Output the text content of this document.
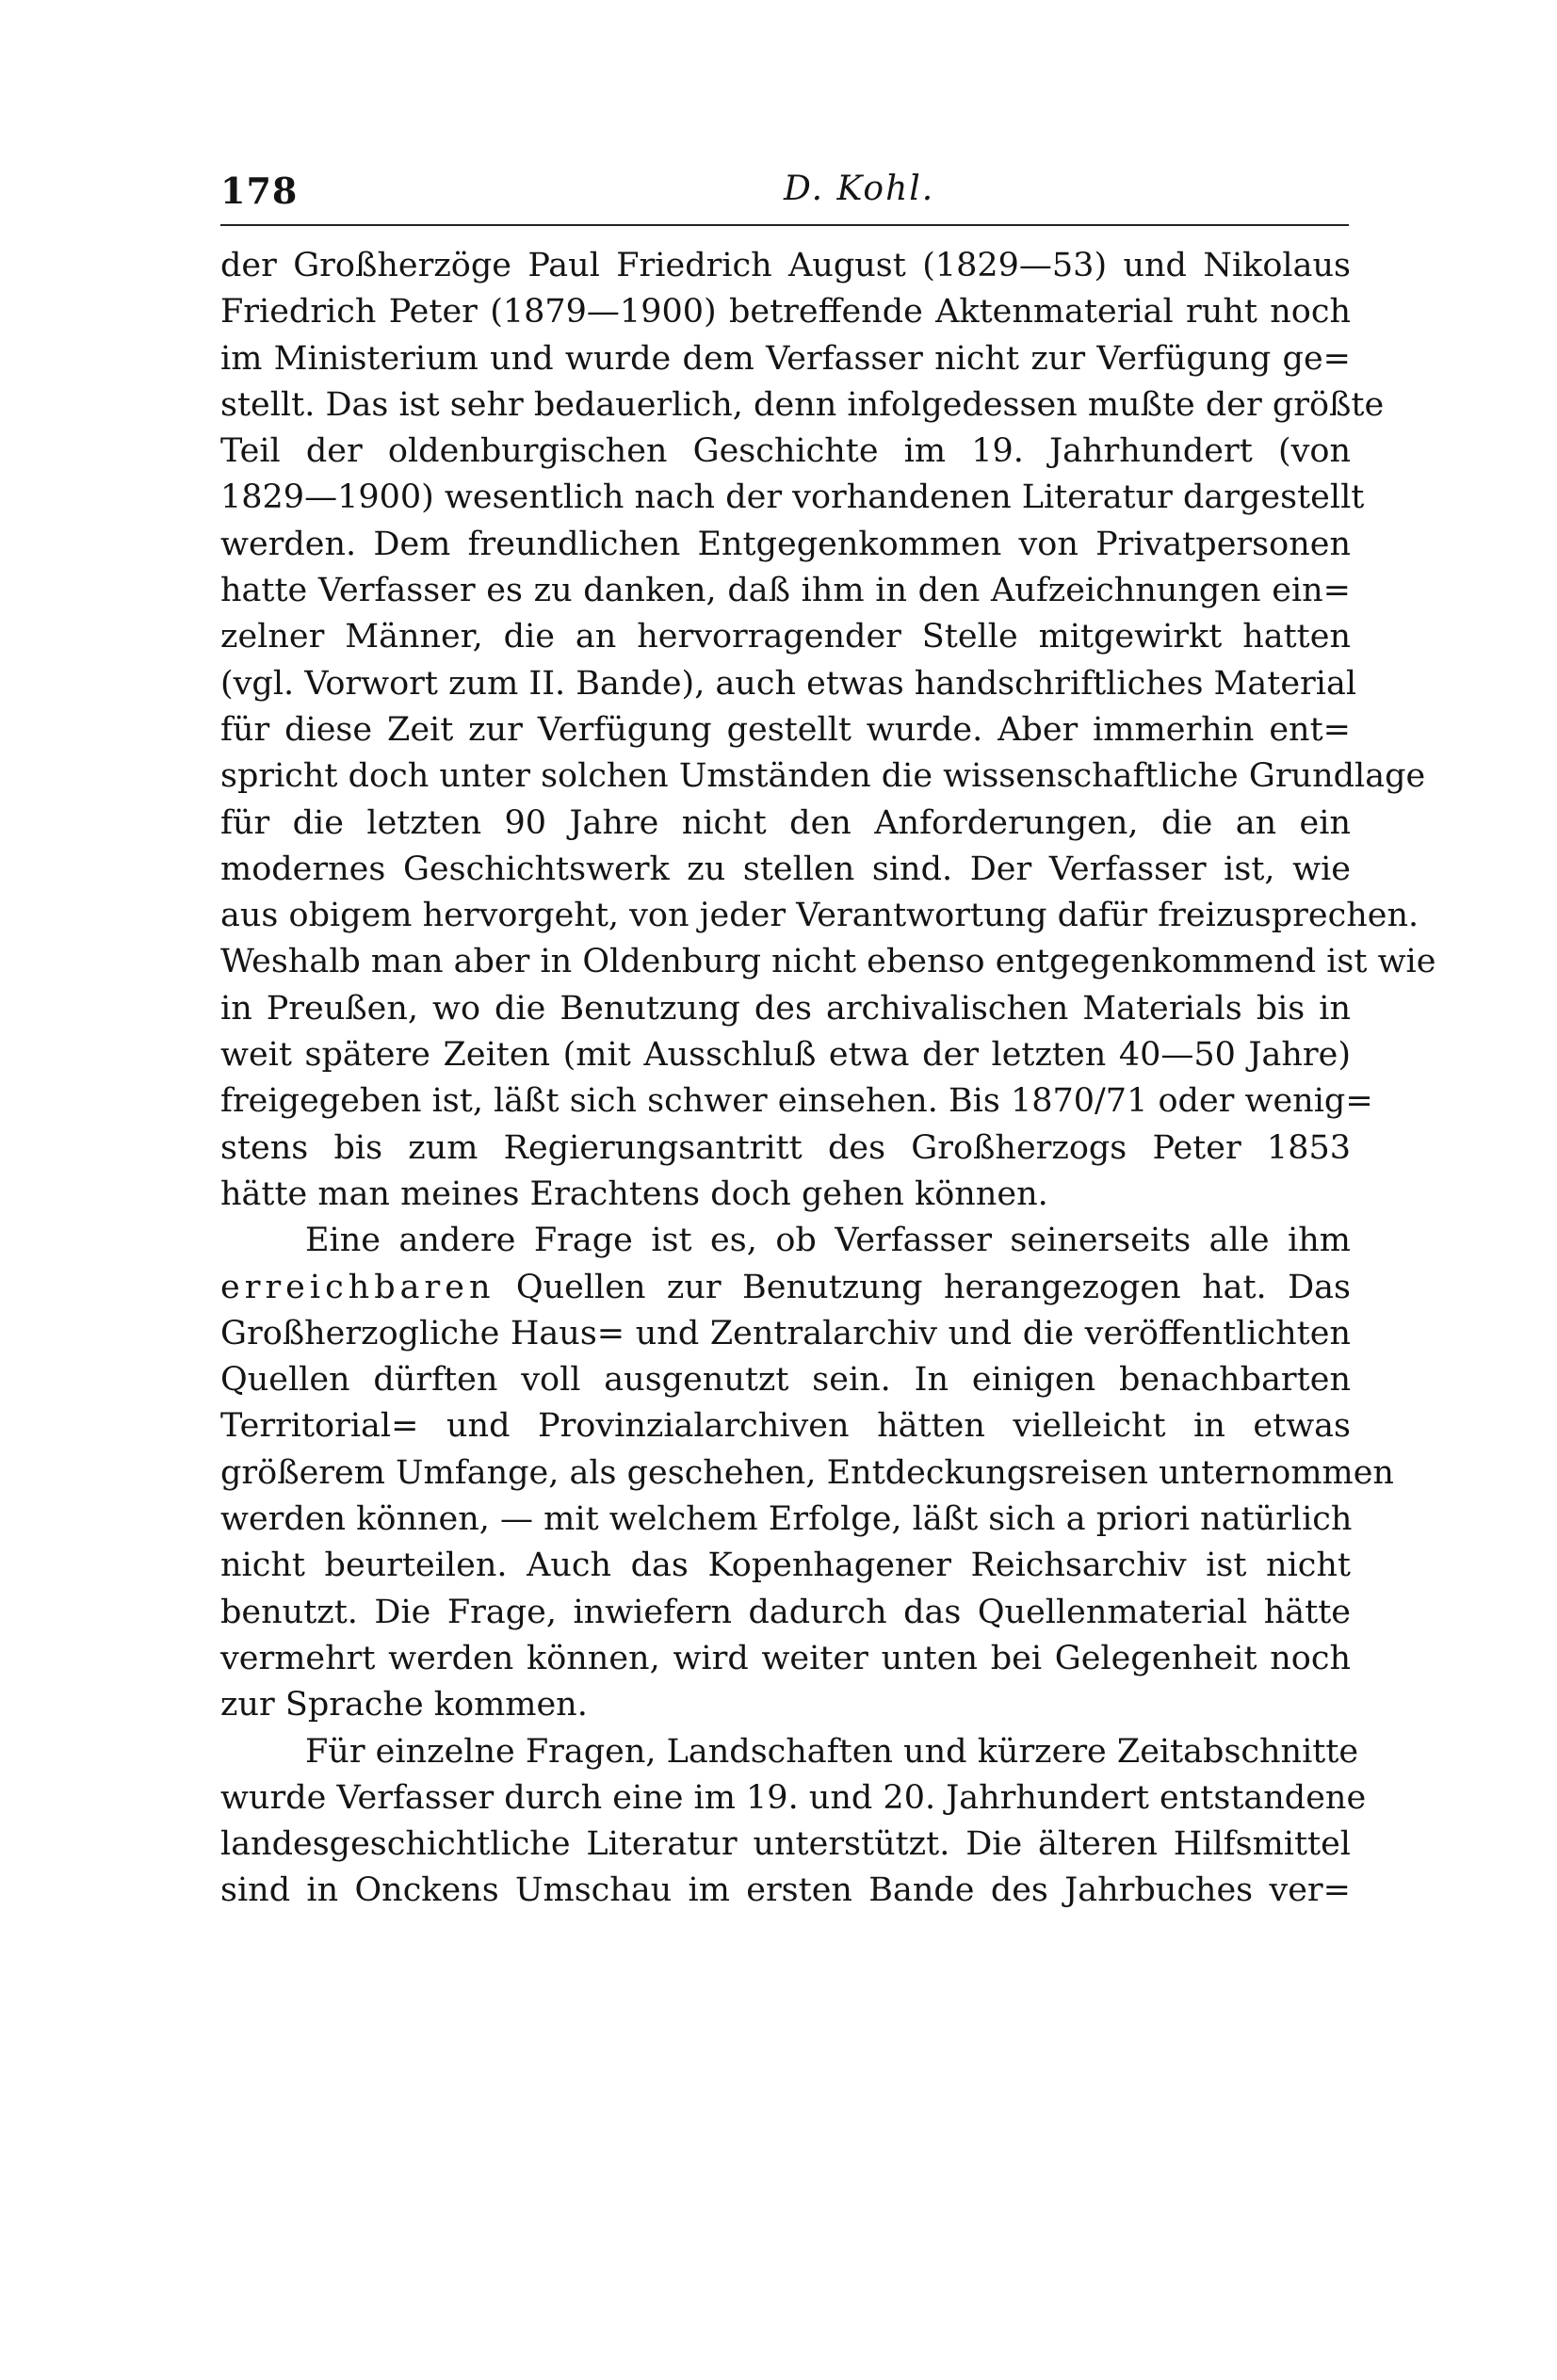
178	D. Kohl.
der Großherzöge Paul Friedrich August (1829—53) und Nikolaus
Friedrich Peter (1879—1900) betreffende Aktenmaterial ruht noch
im Ministerium und wurde dem Verfasser nicht zur Verfügung ge=
stellt. Das ist sehr bedauerlich, denn infolgedessen mußte der größte
Teil der oldenburgischen Geschichte im 19. Jahrhundert (von
1829—1900) wesentlich nach der vorhandenen Literatur dargestellt
werden. Dem freundlichen Entgegenkommen von Privatpersonen
hatte Verfasser es zu danken, daß ihm in den Aufzeichnungen ein=
zelner Männer, die an hervorragender Stelle mitgewirkt hatten
(vgl. Vorwort zum II. Bande), auch etwas handschriftliches Material
für diese Zeit zur Verfügung gestellt wurde. Aber immerhin ent=
spricht doch unter solchen Umständen die wissenschaftliche Grundlage
für die letzten 90 Jahre nicht den Anforderungen, die an ein
modernes Geschichtswerk zu stellen sind. Der Verfasser ist, wie
aus obigem hervorgeht, von jeder Verantwortung dafür freizusprechen.
Weshalb man aber in Oldenburg nicht ebenso entgegenkommend ist wie
in Preußen, wo die Benutzung des archivalischen Materials bis in
weit spätere Zeiten (mit Ausschluß etwa der letzten 40—50 Jahre)
freigegeben ist, läßt sich schwer einsehen. Bis 1870/71 oder wenig=
stens bis zum Regierungsantritt des Großherzogs Peter 1853
hätte man meines Erachtens doch gehen können.
Eine andere Frage ist es, ob Verfasser seinerseits alle ihm
erreichbaren Quellen zur Benutzung herangezogen hat. Das
Großherzogliche Haus= und Zentralarchiv und die veröffentlichten
Quellen dürften voll ausgenutzt sein. In einigen benachbarten
Territorial= und Provinzialarchiven hätten vielleicht in etwas
größerem Umfange, als geschehen, Entdeckungsreisen unternommen
werden können, — mit welchem Erfolge, läßt sich a priori natürlich
nicht beurteilen. Auch das Kopenhagener Reichsarchiv ist nicht
benutzt. Die Frage, inwiefern dadurch das Quellenmaterial hätte
vermehrt werden können, wird weiter unten bei Gelegenheit noch
zur Sprache kommen.
Für einzelne Fragen, Landschaften und kürzere Zeitabschnitte
wurde Verfasser durch eine im 19. und 20. Jahrhundert entstandene
landesgeschichtliche Literatur unterstützt. Die älteren Hilfsmittel
sind in Onckens Umschau im ersten Bande des Jahrbuches ver=
